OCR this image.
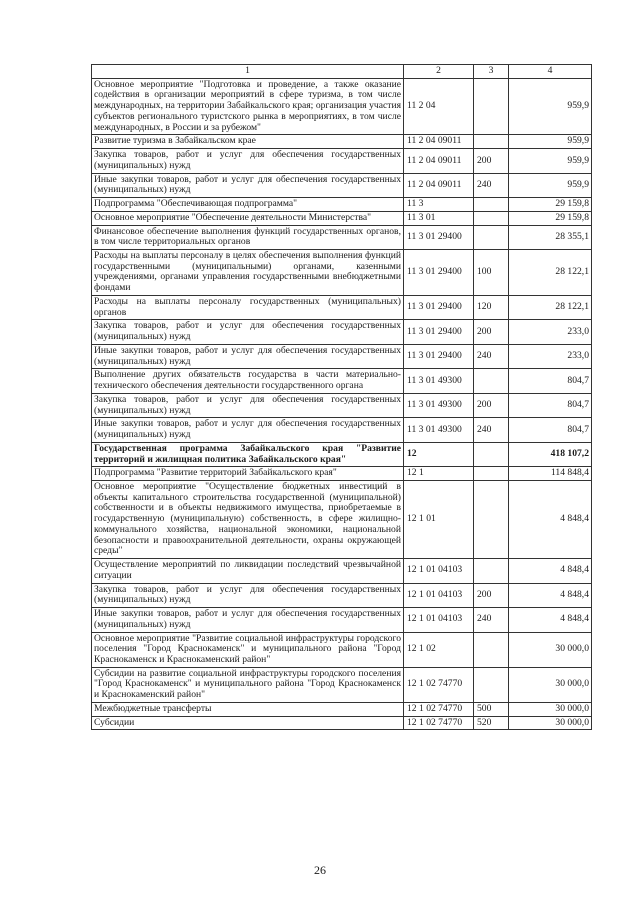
1	2	3	4
Основное мероприятие "Подготовка и проведение, а также оказание содействия в организации мероприятий в сфере туризма, в том числе международных, на территории Забайкальского края; организация участия субъектов регионального туристского рынка в мероприятиях, в том числе международных, в России и за рубежом"	11 2 04		959,9
Развитие туризма в Забайкальском крае	11 2 04 09011		959,9
Закупка товаров, работ и услуг для обеспечения государственных (муниципальных) нужд	11 2 04 09011	200	959,9
Иные закупки товаров, работ и услуг для обеспечения государственных (муниципальных) нужд	11 2 04 09011	240	959,9
Подпрограмма "Обеспечивающая подпрограмма"	11 3		29 159,8
Основное мероприятие "Обеспечение деятельности Министерства"	11 3 01		29 159,8
Финансовое обеспечение выполнения функций государственных органов, в том числе территориальных органов	11 3 01 29400		28 355,1
Расходы на выплаты персоналу в целях обеспечения выполнения функций государственными (муниципальными) органами, казенными учреждениями, органами управления государственными внебюджетными фондами	11 3 01 29400	100	28 122,1
Расходы на выплаты персоналу государственных (муниципальных) органов	11 3 01 29400	120	28 122,1
Закупка товаров, работ и услуг для обеспечения государственных (муниципальных) нужд	11 3 01 29400	200	233,0
Иные закупки товаров, работ и услуг для обеспечения государственных (муниципальных) нужд	11 3 01 29400	240	233,0
Выполнение других обязательств государства в части материально-технического обеспечения деятельности государственного органа	11 3 01 49300		804,7
Закупка товаров, работ и услуг для обеспечения государственных (муниципальных) нужд	11 3 01 49300	200	804,7
Иные закупки товаров, работ и услуг для обеспечения государственных (муниципальных) нужд	11 3 01 49300	240	804,7
Государственная программа Забайкальского края "Развитие территорий и жилищная политика Забайкальского края"	12		418 107,2
Подпрограмма "Развитие территорий Забайкальского края"	12 1		114 848,4
Основное мероприятие "Осуществление бюджетных инвестиций в объекты капитального строительства государственной (муниципальной) собственности и в объекты недвижимого имущества, приобретаемые в государственную (муниципальную) собственность, в сфере жилищно-коммунального хозяйства, национальной экономики, национальной безопасности и правоохранительной деятельности, охраны окружающей среды"	12 1 01		4 848,4
Осуществление мероприятий по ликвидации последствий чрезвычайной ситуации	12 1 01 04103		4 848,4
Закупка товаров, работ и услуг для обеспечения государственных (муниципальных) нужд	12 1 01 04103	200	4 848,4
Иные закупки товаров, работ и услуг для обеспечения государственных (муниципальных) нужд	12 1 01 04103	240	4 848,4
Основное мероприятие "Развитие социальной инфраструктуры городского поселения "Город Краснокаменск" и муниципального района "Город Краснокаменск и Краснокаменский район"	12 1 02		30 000,0
Субсидии на развитие социальной инфраструктуры городского поселения "Город Краснокаменск" и муниципального района "Город Краснокаменск и Краснокаменский район"	12 1 02 74770		30 000,0
Межбюджетные трансферты	12 1 02 74770	500	30 000,0
Субсидии	12 1 02 74770	520	30 000,0
26
